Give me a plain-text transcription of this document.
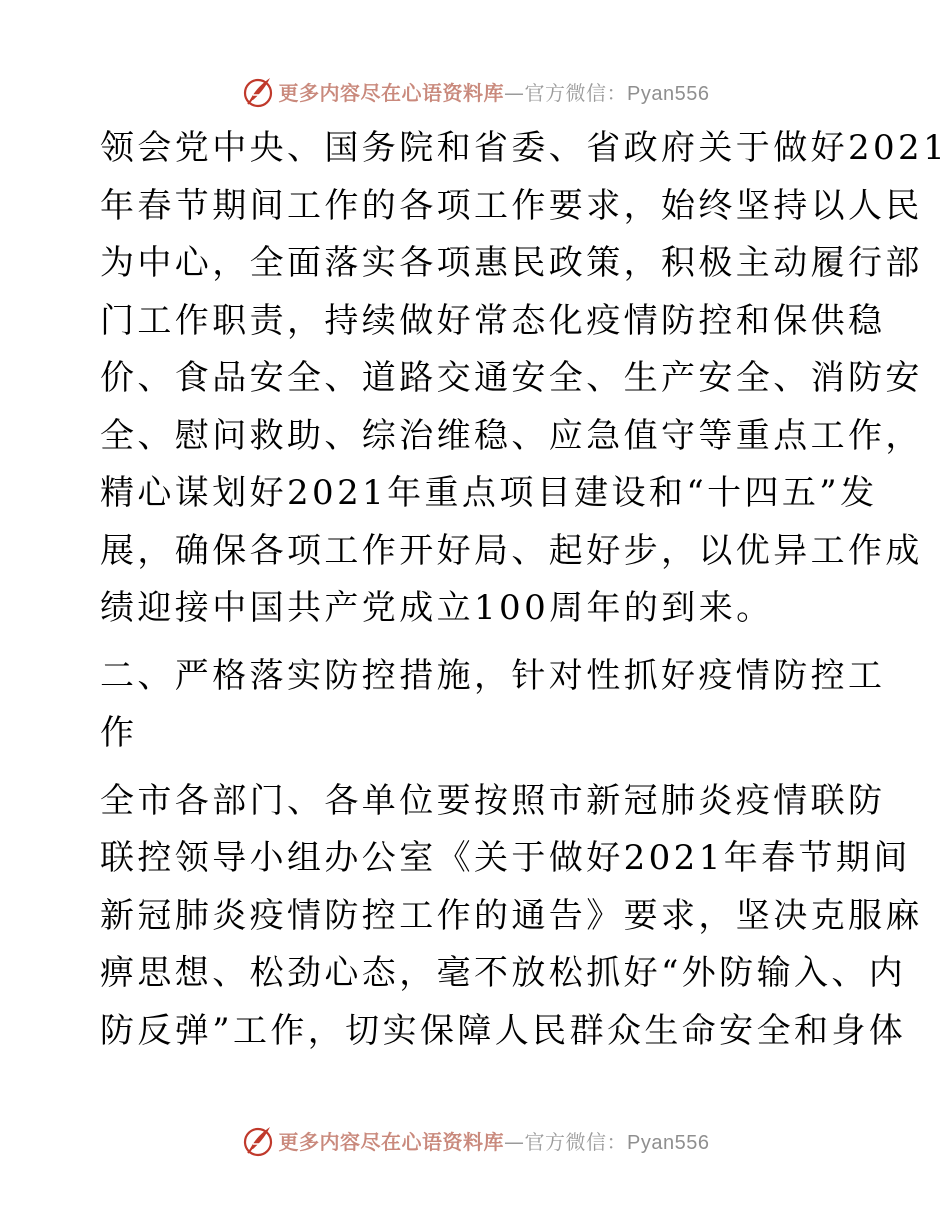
更多内容尽在心语资料库—官方微信：Pyan556
领会党中央、国务院和省委、省政府关于做好2021
年春节期间工作的各项工作要求，始终坚持以人民
为中心，全面落实各项惠民政策，积极主动履行部
门工作职责，持续做好常态化疫情防控和保供稳
价、食品安全、道路交通安全、生产安全、消防安
全、慰问救助、综治维稳、应急值守等重点工作，
精心谋划好2021年重点项目建设和“十四五”发
展，确保各项工作开好局、起好步，以优异工作成
绩迎接中国共产党成立100周年的到来。
二、严格落实防控措施，针对性抓好疫情防控工
作
全市各部门、各单位要按照市新冠肺炎疫情联防
联控领导小组办公室《关于做好2021年春节期间
新冠肺炎疫情防控工作的通告》要求，坚决克服麻
痹思想、松劲心态，毫不放松抓好“外防输入、内
防反弹”工作，切实保障人民群众生命安全和身体
更多内容尽在心语资料库—官方微信：Pyan556
